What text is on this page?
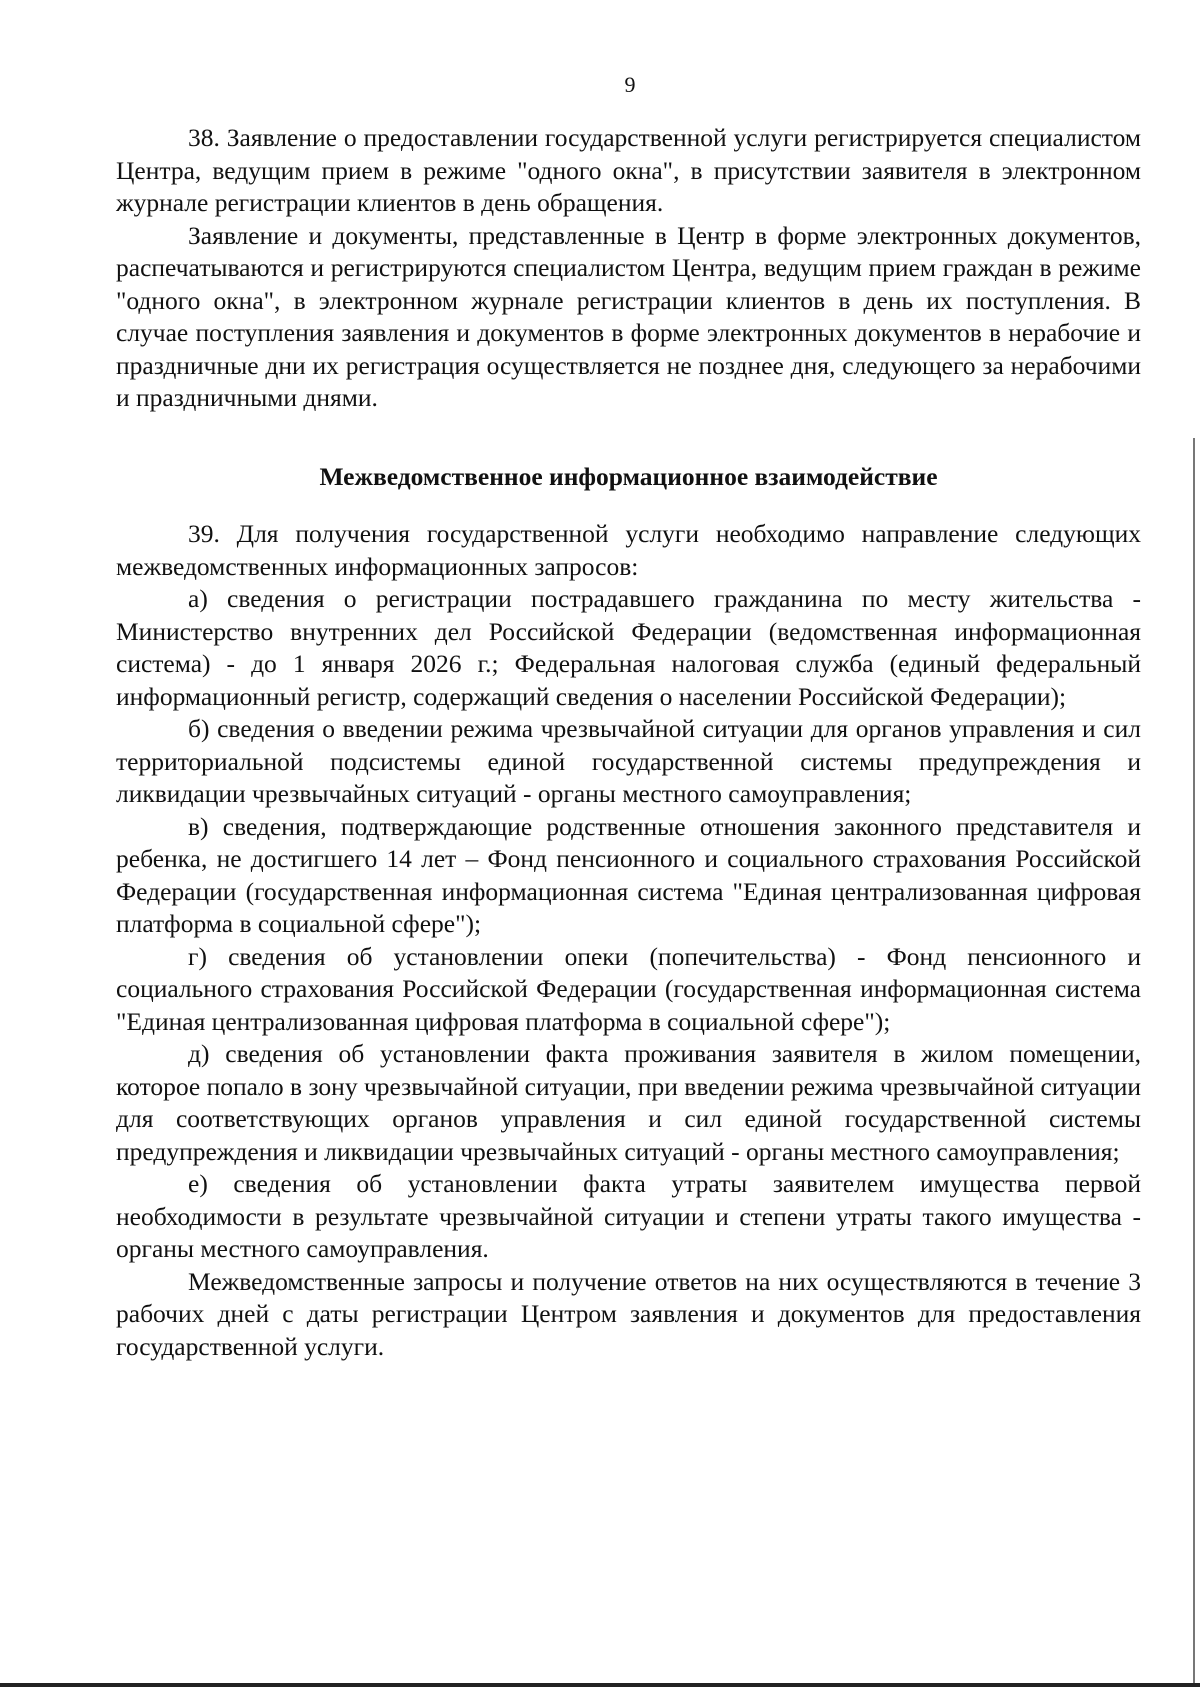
9

38. Заявление о предоставлении государственной услуги регистрируется специалистом Центра, ведущим прием в режиме "одного окна", в присутствии заявителя в электронном журнале регистрации клиентов в день обращения.

Заявление и документы, представленные в Центр в форме электронных документов, распечатываются и регистрируются специалистом Центра, ведущим прием граждан в режиме "одного окна", в электронном журнале регистрации клиентов в день их поступления. В случае поступления заявления и документов в форме электронных документов в нерабочие и праздничные дни их регистрация осуществляется не позднее дня, следующего за нерабочими и праздничными днями.

Межведомственное информационное взаимодействие

39. Для получения государственной услуги необходимо направление следующих межведомственных информационных запросов:

а) сведения о регистрации пострадавшего гражданина по месту жительства - Министерство внутренних дел Российской Федерации (ведомственная информационная система) - до 1 января 2026 г.; Федеральная налоговая служба (единый федеральный информационный регистр, содержащий сведения о населении Российской Федерации);

б) сведения о введении режима чрезвычайной ситуации для органов управления и сил территориальной подсистемы единой государственной системы предупреждения и ликвидации чрезвычайных ситуаций - органы местного самоуправления;

в) сведения, подтверждающие родственные отношения законного представителя и ребенка, не достигшего 14 лет – Фонд пенсионного и социального страхования Российской Федерации (государственная информационная система "Единая централизованная цифровая платформа в социальной сфере");

г) сведения об установлении опеки (попечительства) - Фонд пенсионного и социального страхования Российской Федерации (государственная информационная система "Единая централизованная цифровая платформа в социальной сфере");

д) сведения об установлении факта проживания заявителя в жилом помещении, которое попало в зону чрезвычайной ситуации, при введении режима чрезвычайной ситуации для соответствующих органов управления и сил единой государственной системы предупреждения и ликвидации чрезвычайных ситуаций - органы местного самоуправления;

е) сведения об установлении факта утраты заявителем имущества первой необходимости в результате чрезвычайной ситуации и степени утраты такого имущества - органы местного самоуправления.

Межведомственные запросы и получение ответов на них осуществляются в течение 3 рабочих дней с даты регистрации Центром заявления и документов для предоставления государственной услуги.
